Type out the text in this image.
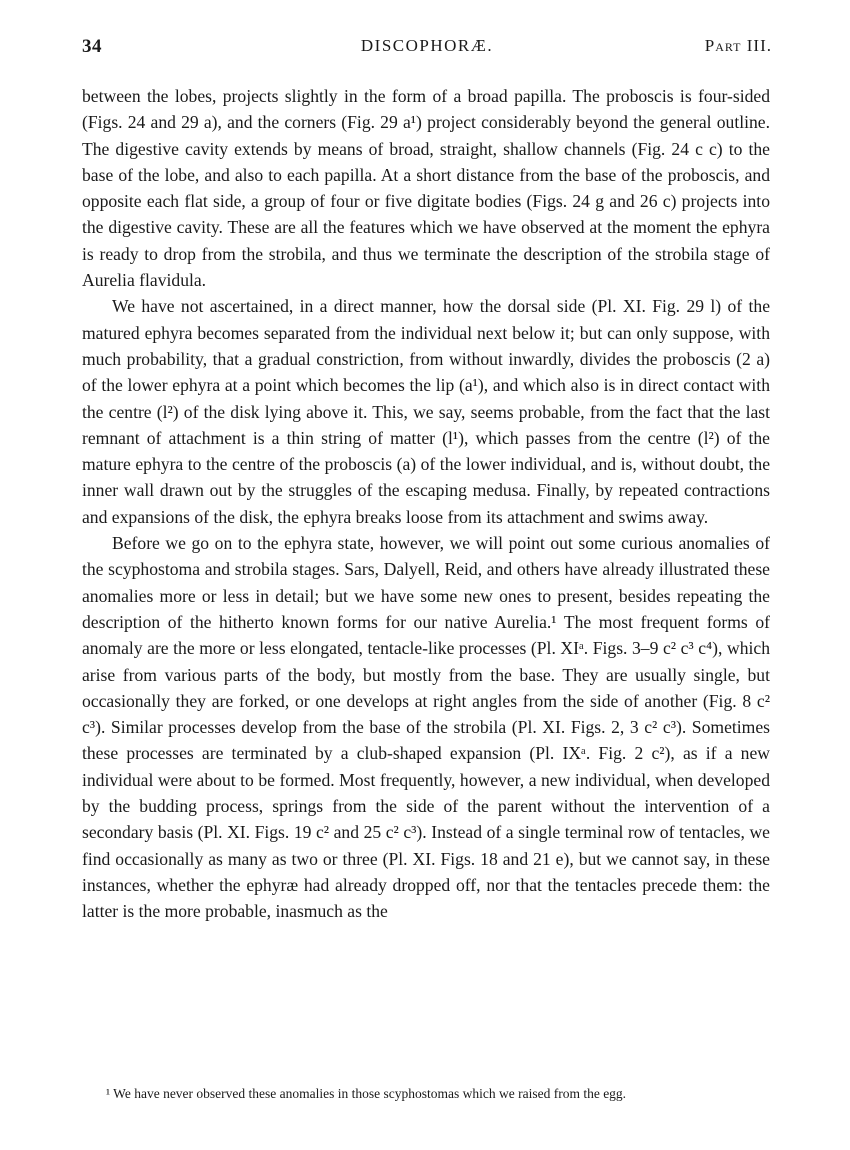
34	DISCOPHORÆ.	Part III.

between the lobes, projects slightly in the form of a broad papilla. The proboscis is four-sided (Figs. 24 and 29 a), and the corners (Fig. 29 a¹) project considerably beyond the general outline. The digestive cavity extends by means of broad, straight, shallow channels (Fig. 24 c c) to the base of the lobe, and also to each papilla. At a short distance from the base of the proboscis, and opposite each flat side, a group of four or five digitate bodies (Figs. 24 g and 26 c) projects into the digestive cavity. These are all the features which we have observed at the moment the ephyra is ready to drop from the strobila, and thus we terminate the description of the strobila stage of Aurelia flavidula.

We have not ascertained, in a direct manner, how the dorsal side (Pl. XI. Fig. 29 l) of the matured ephyra becomes separated from the individual next below it; but can only suppose, with much probability, that a gradual constriction, from without inwardly, divides the proboscis (2 a) of the lower ephyra at a point which becomes the lip (a¹), and which also is in direct contact with the centre (l²) of the disk lying above it. This, we say, seems probable, from the fact that the last remnant of attachment is a thin string of matter (l¹), which passes from the centre (l²) of the mature ephyra to the centre of the proboscis (a) of the lower individual, and is, without doubt, the inner wall drawn out by the struggles of the escaping medusa. Finally, by repeated contractions and expansions of the disk, the ephyra breaks loose from its attachment and swims away.

Before we go on to the ephyra state, however, we will point out some curious anomalies of the scyphostoma and strobila stages. Sars, Dalyell, Reid, and others have already illustrated these anomalies more or less in detail; but we have some new ones to present, besides repeating the description of the hitherto known forms for our native Aurelia.¹ The most frequent forms of anomaly are the more or less elongated, tentacle-like processes (Pl. XIᵃ. Figs. 3–9 c² c³ c⁴), which arise from various parts of the body, but mostly from the base. They are usually single, but occasionally they are forked, or one develops at right angles from the side of another (Fig. 8 c² c³). Similar processes develop from the base of the strobila (Pl. XI. Figs. 2, 3 c² c³). Sometimes these processes are terminated by a club-shaped expansion (Pl. IXᵃ. Fig. 2 c²), as if a new individual were about to be formed. Most frequently, however, a new individual, when developed by the budding process, springs from the side of the parent without the intervention of a secondary basis (Pl. XI. Figs. 19 c² and 25 c² c³). Instead of a single terminal row of tentacles, we find occasionally as many as two or three (Pl. XI. Figs. 18 and 21 e), but we cannot say, in these instances, whether the ephyræ had already dropped off, nor that the tentacles precede them: the latter is the more probable, inasmuch as the

¹ We have never observed these anomalies in those scyphostomas which we raised from the egg.
